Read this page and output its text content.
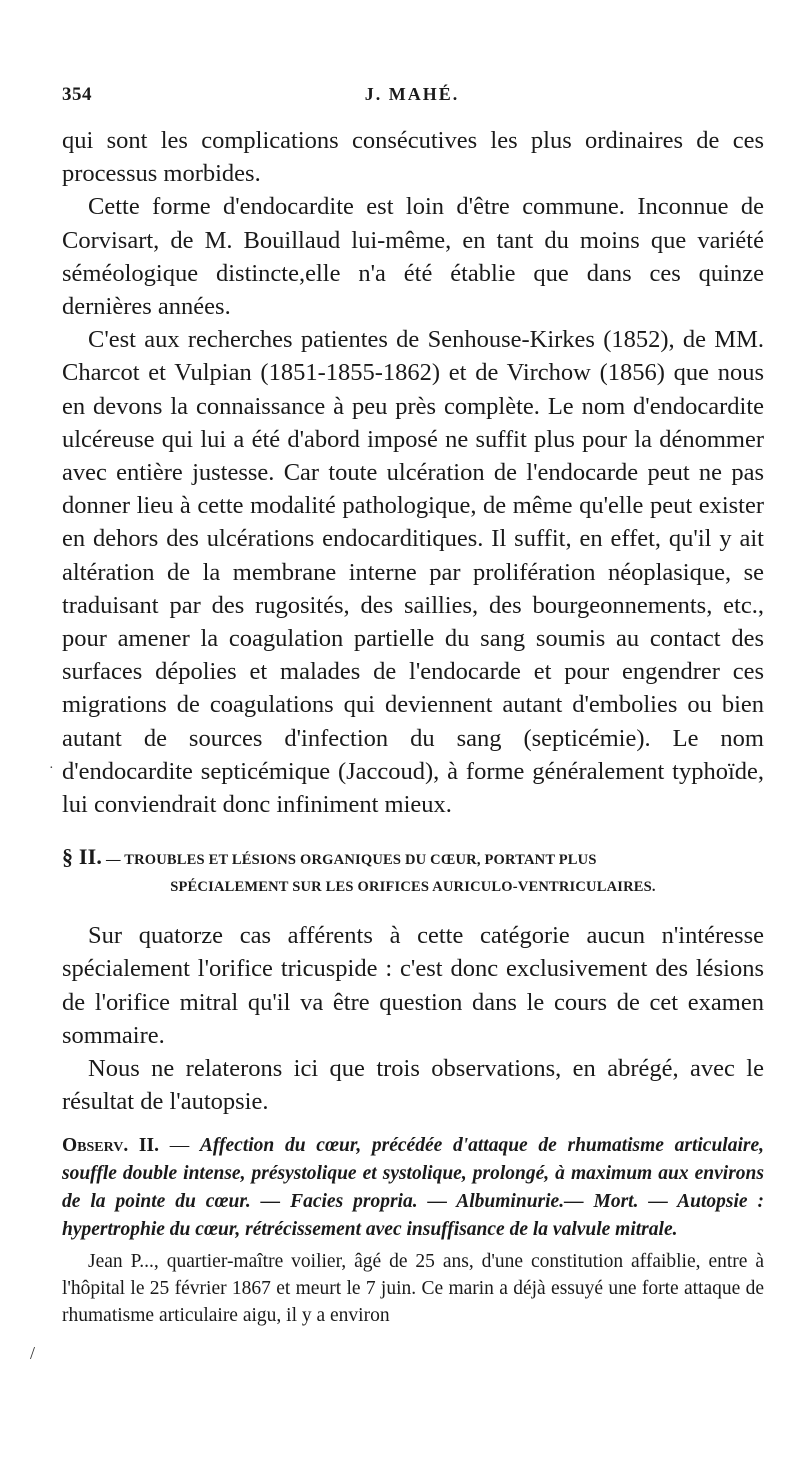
354	J. MAHÉ.

qui sont les complications consécutives les plus ordinaires de ces processus morbides.

Cette forme d'endocardite est loin d'être commune. Inconnue de Corvisart, de M. Bouillaud lui-même, en tant du moins que variété séméologique distincte,elle n'a été établie que dans ces quinze dernières années.

C'est aux recherches patientes de Senhouse-Kirkes (1852), de MM. Charcot et Vulpian (1851-1855-1862) et de Virchow (1856) que nous en devons la connaissance à peu près complète. Le nom d'endocardite ulcéreuse qui lui a été d'abord imposé ne suffit plus pour la dénommer avec entière justesse. Car toute ulcération de l'endocarde peut ne pas donner lieu à cette modalité pathologique, de même qu'elle peut exister en dehors des ulcérations endocarditiques. Il suffit, en effet, qu'il y ait altération de la membrane interne par prolifération néoplasique, se traduisant par des rugosités, des saillies, des bourgeonnements, etc., pour amener la coagulation partielle du sang soumis au contact des surfaces dépolies et malades de l'endocarde et pour engendrer ces migrations de coagulations qui deviennent autant d'embolies ou bien autant de sources d'infection du sang (septicémie). Le nom d'endocardite septicémique (Jaccoud), à forme généralement typhoïde, lui conviendrait donc infiniment mieux.

§ II. — TROUBLES ET LÉSIONS ORGANIQUES DU CŒUR, PORTANT PLUS
SPÉCIALEMENT SUR LES ORIFICES AURICULO-VENTRICULAIRES.

Sur quatorze cas afférents à cette catégorie aucun n'intéresse spécialement l'orifice tricuspide : c'est donc exclusivement des lésions de l'orifice mitral qu'il va être question dans le cours de cet examen sommaire.

Nous ne relaterons ici que trois observations, en abrégé, avec le résultat de l'autopsie.

Observ. II. — Affection du cœur, précédée d'attaque de rhumatisme articulaire, souffle double intense, présystolique et systolique, prolongé, à maximum aux environs de la pointe du cœur. — Facies propria. — Albuminurie.— Mort. — Autopsie : hypertrophie du cœur, rétrécissement avec insuffisance de la valvule mitrale.

Jean P..., quartier-maître voilier, âgé de 25 ans, d'une constitution affaiblie, entre à l'hôpital le 25 février 1867 et meurt le 7 juin. Ce marin a déjà essuyé une forte attaque de rhumatisme articulaire aigu, il y a environ

/
·
